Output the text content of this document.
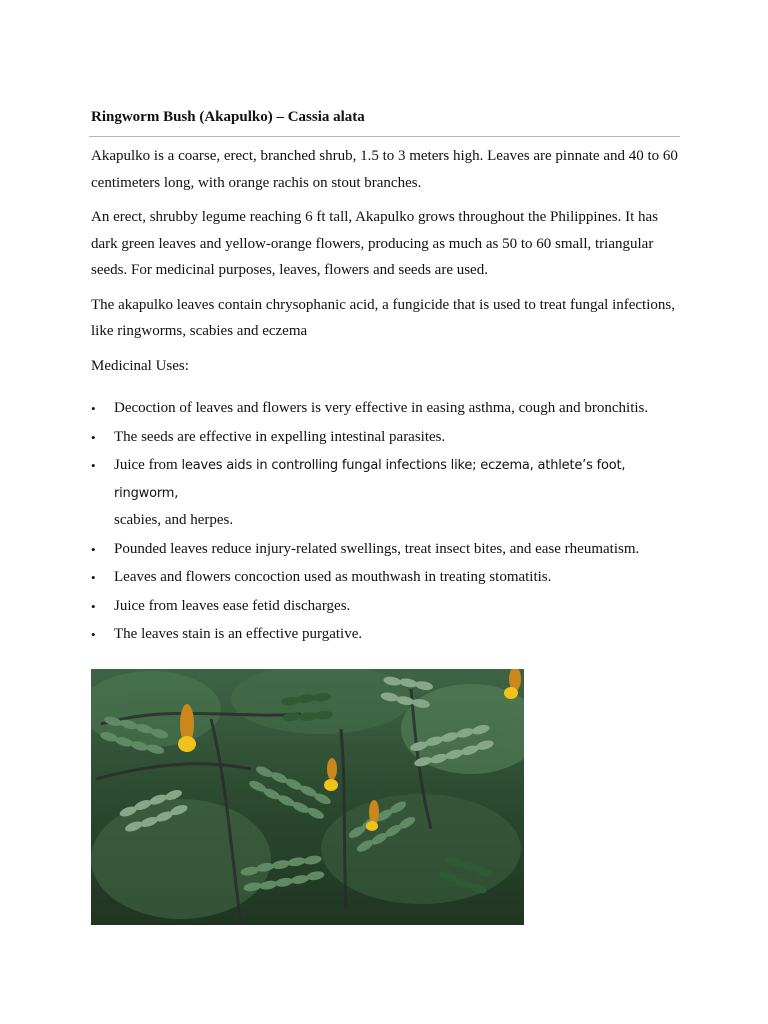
Ringworm Bush (Akapulko) – Cassia alata

Akapulko is a coarse, erect, branched shrub, 1.5 to 3 meters high. Leaves are pinnate and 40 to 60 centimeters long, with orange rachis on stout branches.

An erect, shrubby legume reaching 6 ft tall, Akapulko grows throughout the Philippines. It has dark green leaves and yellow-orange flowers, producing as much as 50 to 60 small, triangular seeds. For medicinal purposes, leaves, flowers and seeds are used.

The akapulko leaves contain chrysophanic acid, a fungicide that is used to treat fungal infections, like ringworms, scabies and eczema

Medicinal Uses:

• Decoction of leaves and flowers is very effective in easing asthma, cough and bronchitis.
• The seeds are effective in expelling intestinal parasites.
• Juice from leaves aids in controlling fungal infections like; eczema, athlete’s foot, ringworm,
scabies, and herpes.
• Pounded leaves reduce injury-related swellings, treat insect bites, and ease rheumatism.
• Leaves and flowers concoction used as mouthwash in treating stomatitis.
• Juice from leaves ease fetid discharges.
• The leaves stain is an effective purgative.
